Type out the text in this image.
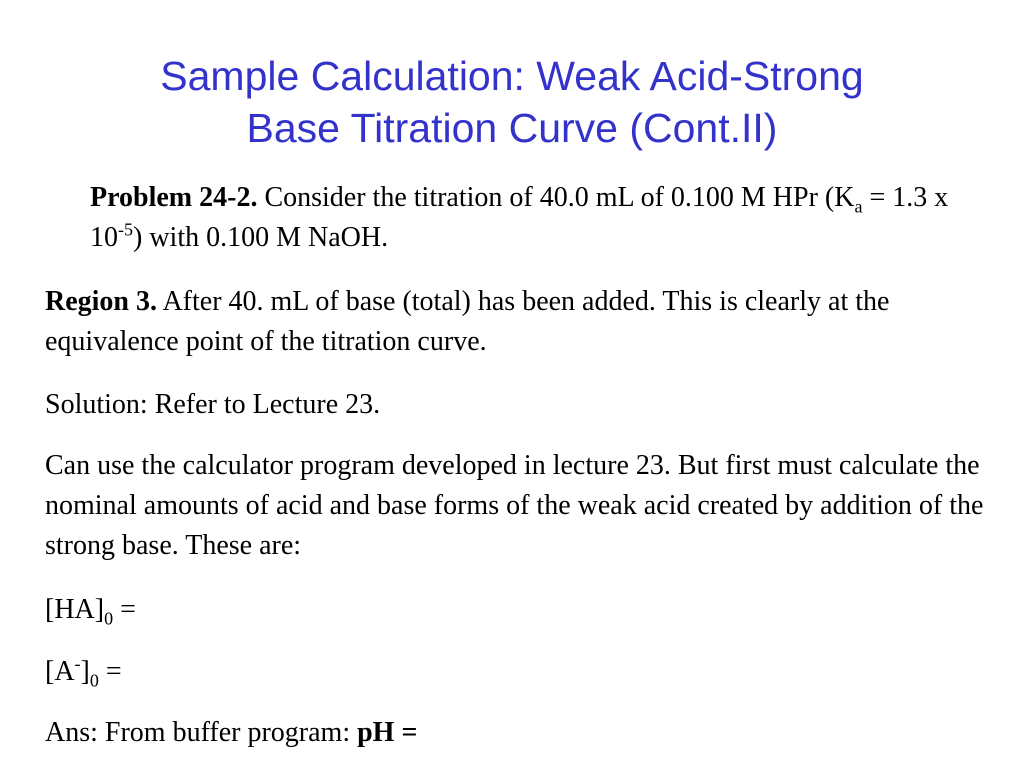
Sample Calculation: Weak Acid-Strong
Base Titration Curve (Cont.II)
Problem 24-2. Consider the titration of 40.0 mL of 0.100 M HPr ($K_a = 1.3$ x $10^{-5}$) with 0.100 M NaOH.
Region 3. After 40. mL of base (total) has been added. This is clearly at the equivalence point of the titration curve.
Solution: Refer to Lecture 23.
Can use the calculator program developed in lecture 23. But first must calculate the nominal amounts of acid and base forms of the weak acid created by addition of the strong base. These are:
$[HA]_0$ =
$[A^-]_0$ =
Ans: From buffer program: pH =
